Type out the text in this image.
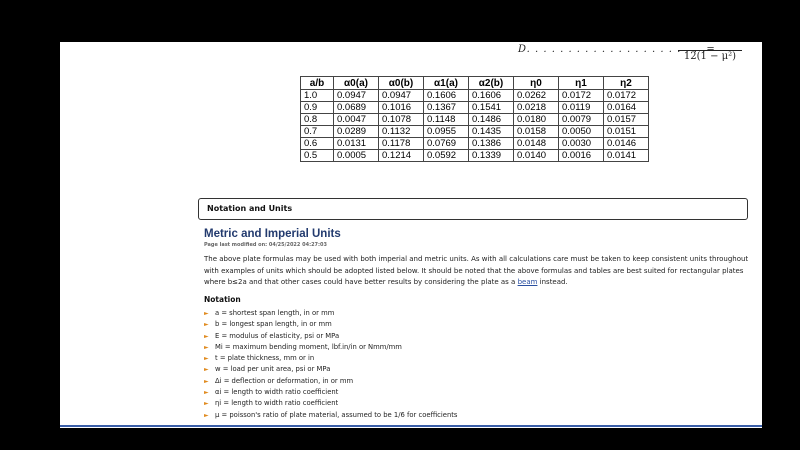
D. . . . . . . . . . . . . . . . . . . . . .=
12(1 − μ²)
a/b	α0(a)	α0(b)	α1(a)	α2(b)	η0	η1	η2
1.0	0.0947	0.0947	0.1606	0.1606	0.0262	0.0172	0.0172
0.9	0.0689	0.1016	0.1367	0.1541	0.0218	0.0119	0.0164
0.8	0.0047	0.1078	0.1148	0.1486	0.0180	0.0079	0.0157
0.7	0.0289	0.1132	0.0955	0.1435	0.0158	0.0050	0.0151
0.6	0.0131	0.1178	0.0769	0.1386	0.0148	0.0030	0.0146
0.5	0.0005	0.1214	0.0592	0.1339	0.0140	0.0016	0.0141
Notation and Units
Metric and Imperial Units
Page last modified on: 04/25/2022 04:27:03
The above plate formulas may be used with both imperial and metric units. As with all calculations care must be taken to keep consistent units throughout with examples of units which should be adopted listed below. It should be noted that the above formulas and tables are best suited for rectangular plates where b≤2a and that other cases could have better results by considering the plate as a beam instead.
Notation
► a = shortest span length, in or mm
► b = longest span length, in or mm
► E = modulus of elasticity, psi or MPa
► Mi = maximum bending moment, lbf.in/in or Nmm/mm
► t = plate thickness, mm or in
► w = load per unit area, psi or MPa
► Δi = deflection or deformation, in or mm
► αi = length to width ratio coefficient
► ηi = length to width ratio coefficient
► μ = poisson's ratio of plate material, assumed to be 1/6 for coefficients
